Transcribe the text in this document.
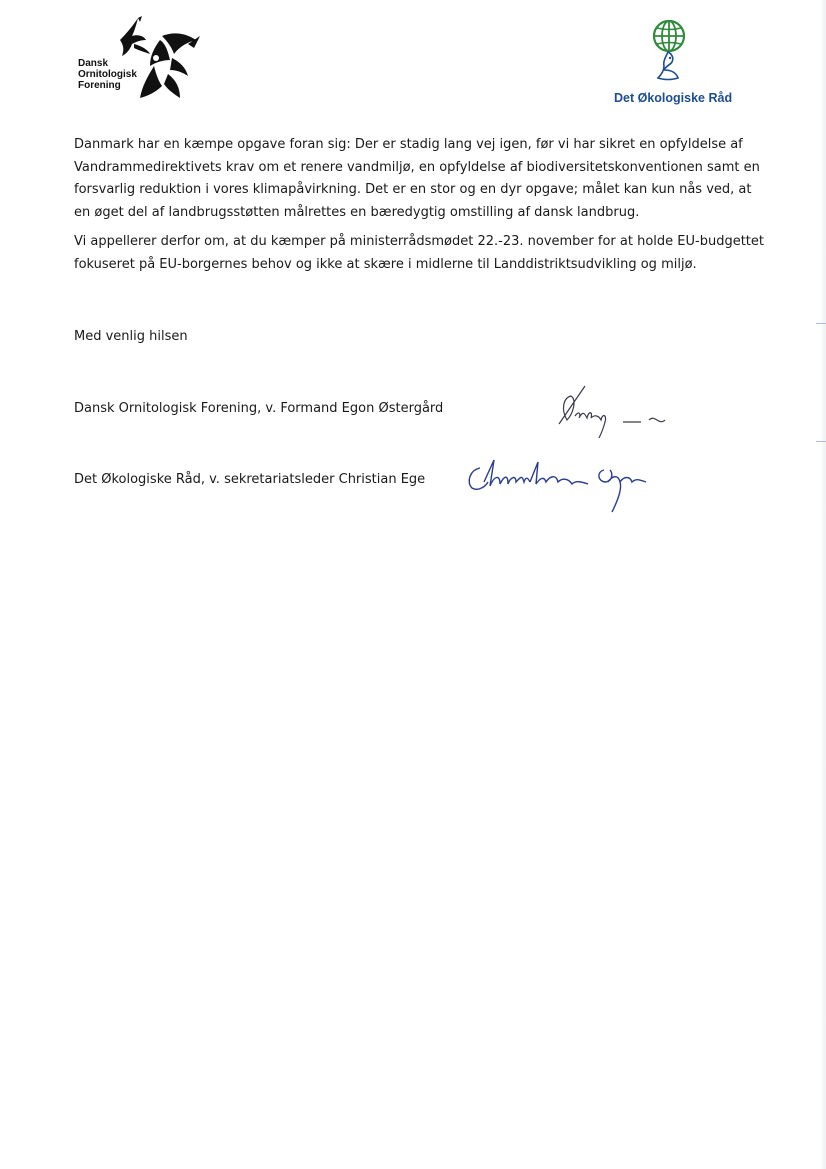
Dansk
Ornitologisk
Forening
Det Økologiske Råd

Danmark har en kæmpe opgave foran sig: Der er stadig lang vej igen, før vi har sikret en opfyldelse af Vandrammedirektivets krav om et renere vandmiljø, en opfyldelse af biodiversitetskonventionen samt en forsvarlig reduktion i vores klimapåvirkning. Det er en stor og en dyr opgave; målet kan kun nås ved, at en øget del af landbrugsstøtten målrettes en bæredygtig omstilling af dansk landbrug.

Vi appellerer derfor om, at du kæmper på ministerrådsmødet 22.-23. november for at holde EU-budgettet fokuseret på EU-borgernes behov og ikke at skære i midlerne til Landdistriktsudvikling og miljø.

Med venlig hilsen
Dansk Ornitologisk Forening, v. Formand Egon Østergård
Det Økologiske Råd, v. sekretariatsleder Christian Ege
